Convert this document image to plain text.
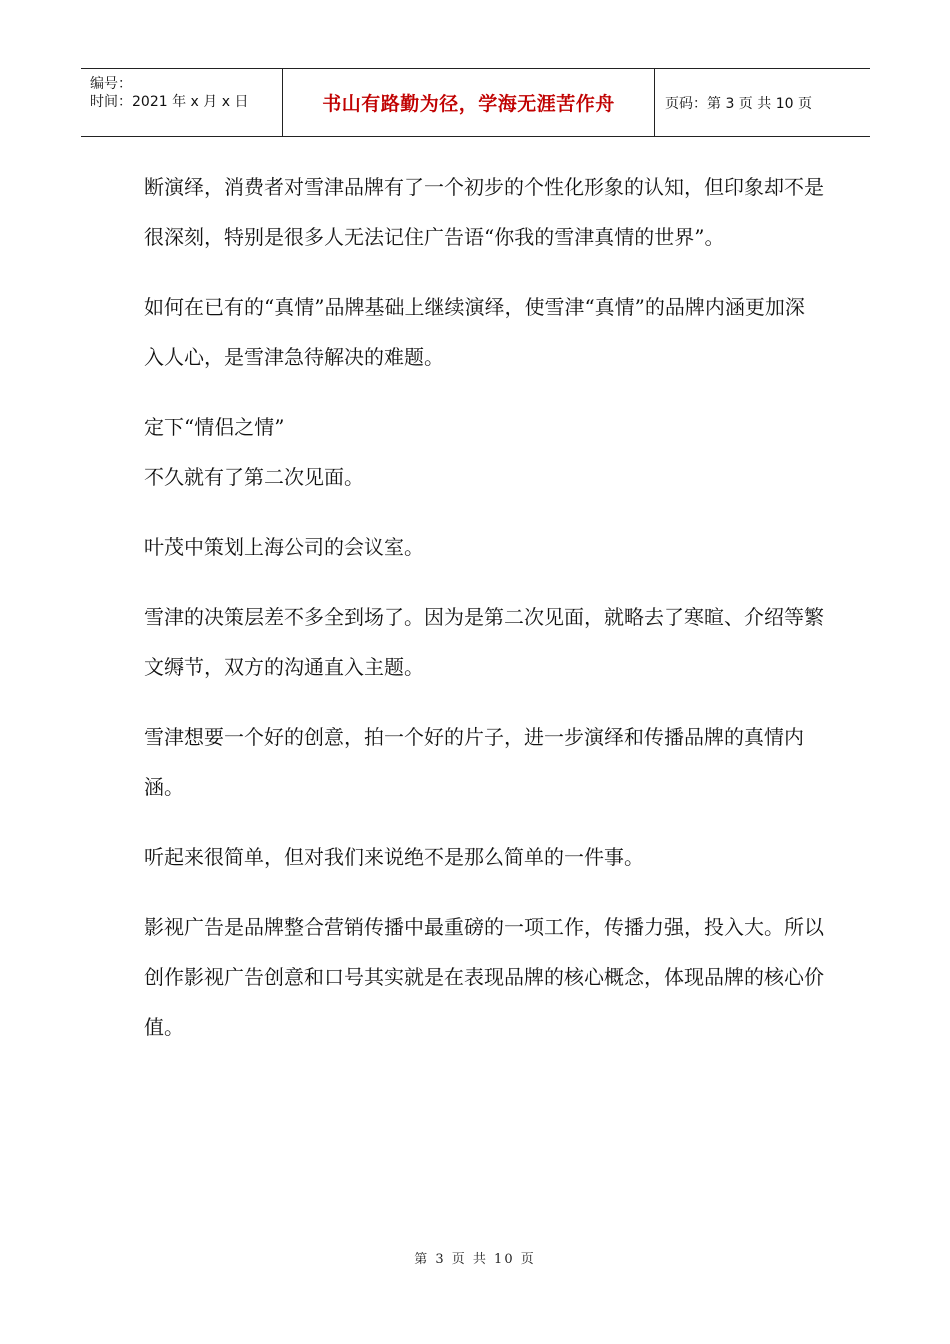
编号：
时间：2021 年 x 月 x 日	书山有路勤为径，学海无涯苦作舟	页码：第 3 页 共 10 页

断演绎，消费者对雪津品牌有了一个初步的个性化形象的认知，但印象却不是很深刻，特别是很多人无法记住广告语“你我的雪津真情的世界”。

如何在已有的“真情”品牌基础上继续演绎，使雪津“真情”的品牌内涵更加深入人心，是雪津急待解决的难题。

定下“情侣之情”

不久就有了第二次见面。

叶茂中策划上海公司的会议室。

雪津的决策层差不多全到场了。因为是第二次见面，就略去了寒暄、介绍等繁文缛节，双方的沟通直入主题。

雪津想要一个好的创意，拍一个好的片子，进一步演绎和传播品牌的真情内涵。

听起来很简单，但对我们来说绝不是那么简单的一件事。

影视广告是品牌整合营销传播中最重磅的一项工作，传播力强，投入大。所以创作影视广告创意和口号其实就是在表现品牌的核心概念，体现品牌的核心价值。

第 3 页 共 10 页
